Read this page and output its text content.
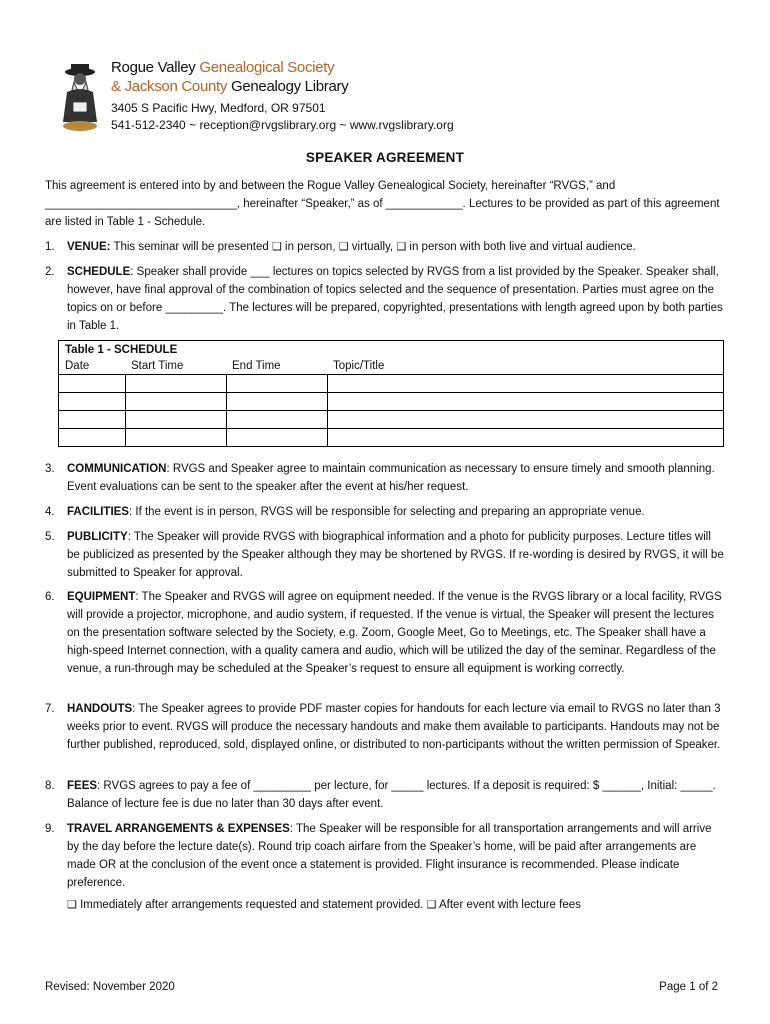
Rogue Valley Genealogical Society
& Jackson County Genealogy Library
3405 S Pacific Hwy, Medford, OR 97501
541-512-2340 ~ reception@rvgslibrary.org ~ www.rvgslibrary.org
SPEAKER AGREEMENT
This agreement is entered into by and between the Rogue Valley Genealogical Society, hereinafter “RVGS,” and ______________________________, hereinafter “Speaker,” as of ____________. Lectures to be provided as part of this agreement are listed in Table 1 - Schedule.
1.	VENUE: This seminar will be presented ❑ in person, ❑ virtually, ❑ in person with both live and virtual audience.
2.	SCHEDULE: Speaker shall provide ___ lectures on topics selected by RVGS from a list provided by the Speaker. Speaker shall, however, have final approval of the combination of topics selected and the sequence of presentation. Parties must agree on the topics on or before _________. The lectures will be prepared, copyrighted, presentations with length agreed upon by both parties in Table 1.
Table 1 - SCHEDULE			
Date	Start Time	End Time	Topic/Title

3.	COMMUNICATION: RVGS and Speaker agree to maintain communication as necessary to ensure timely and smooth planning. Event evaluations can be sent to the speaker after the event at his/her request.
4.	FACILITIES: If the event is in person, RVGS will be responsible for selecting and preparing an appropriate venue.
5.	PUBLICITY: The Speaker will provide RVGS with biographical information and a photo for publicity purposes. Lecture titles will be publicized as presented by the Speaker although they may be shortened by RVGS. If re-wording is desired by RVGS, it will be submitted to Speaker for approval.
6.	EQUIPMENT: The Speaker and RVGS will agree on equipment needed. If the venue is the RVGS library or a local facility, RVGS will provide a projector, microphone, and audio system, if requested. If the venue is virtual, the Speaker will present the lectures on the presentation software selected by the Society, e.g. Zoom, Google Meet, Go to Meetings, etc. The Speaker shall have a high-speed Internet connection, with a quality camera and audio, which will be utilized the day of the seminar. Regardless of the venue, a run-through may be scheduled at the Speaker’s request to ensure all equipment is working correctly.
7.	HANDOUTS: The Speaker agrees to provide PDF master copies for handouts for each lecture via email to RVGS no later than 3 weeks prior to event. RVGS will produce the necessary handouts and make them available to participants. Handouts may not be further published, reproduced, sold, displayed online, or distributed to non-participants without the written permission of Speaker.
8.	FEES: RVGS agrees to pay a fee of _________ per lecture, for _____ lectures. If a deposit is required: $ ______, Initial: _____. Balance of lecture fee is due no later than 30 days after event.
9.	TRAVEL ARRANGEMENTS & EXPENSES: The Speaker will be responsible for all transportation arrangements and will arrive by the day before the lecture date(s). Round trip coach airfare from the Speaker’s home, will be paid after arrangements are made OR at the conclusion of the event once a statement is provided. Flight insurance is recommended. Please indicate preference.
❑ Immediately after arrangements requested and statement provided. ❑ After event with lecture fees
Revised: November 2020	Page 1 of 2
